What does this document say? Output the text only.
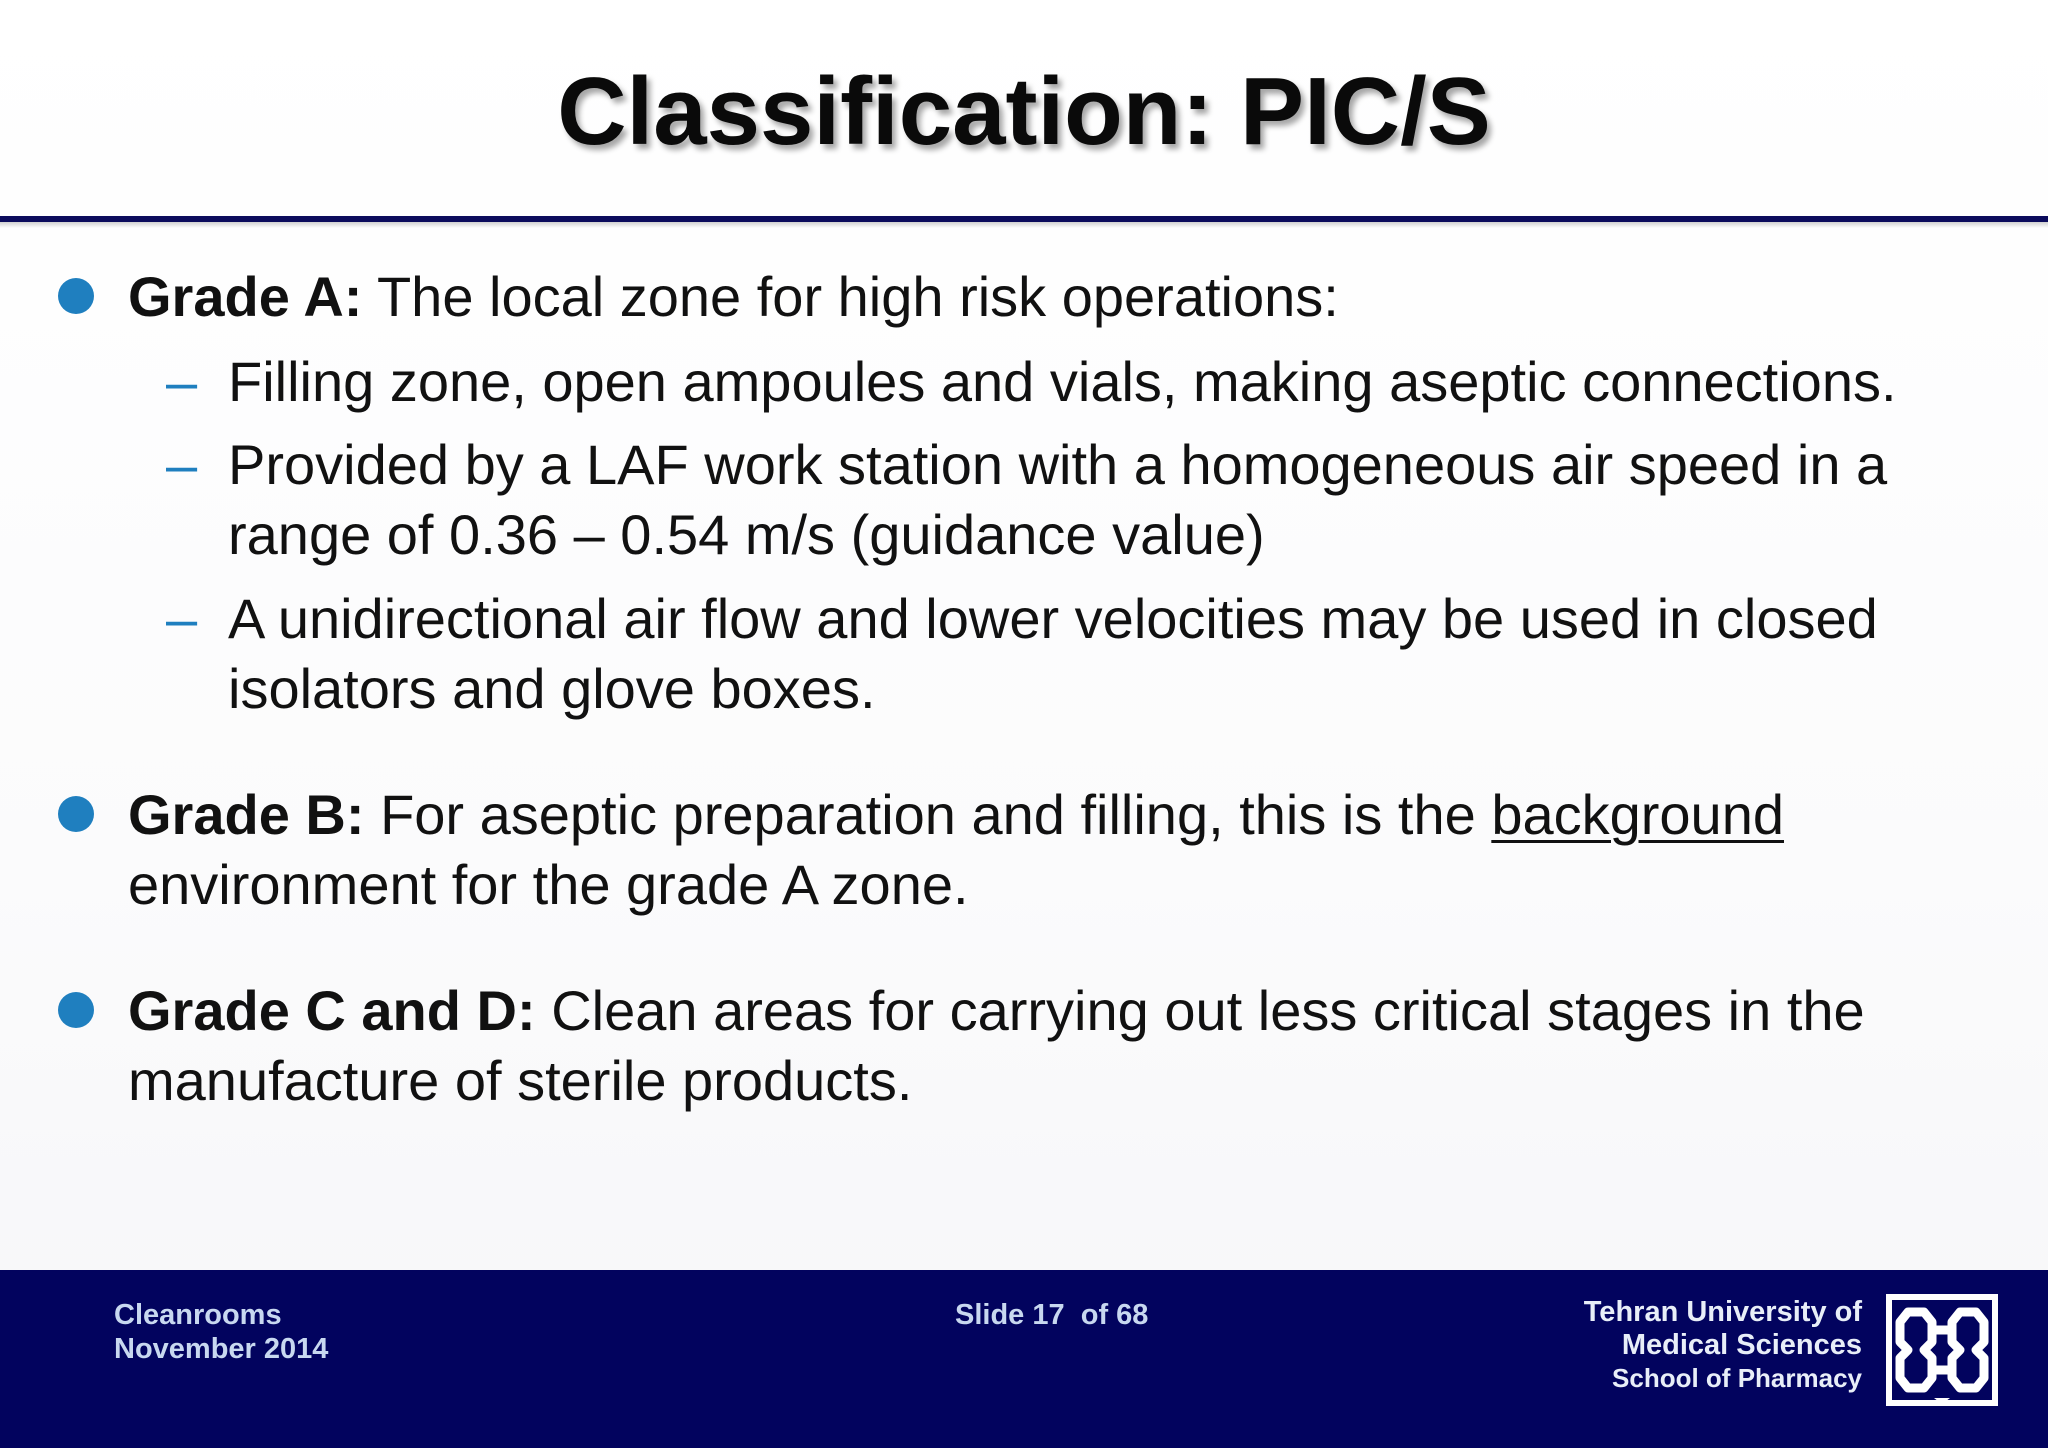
Classification: PIC/S
Grade A: The local zone for high risk operations:
– Filling zone, open ampoules and vials, making aseptic connections.
– Provided by a LAF work station with a homogeneous air speed in a
range of 0.36 – 0.54 m/s (guidance value)
– A unidirectional air flow and lower velocities may be used in closed
isolators and glove boxes.
Grade B: For aseptic preparation and filling, this is the background
environment for the grade A zone.
Grade C and D: Clean areas for carrying out less critical stages in the
manufacture of sterile products.
Cleanrooms
November 2014
Slide 17  of 68	Tehran University of
Medical Sciences
School of Pharmacy
